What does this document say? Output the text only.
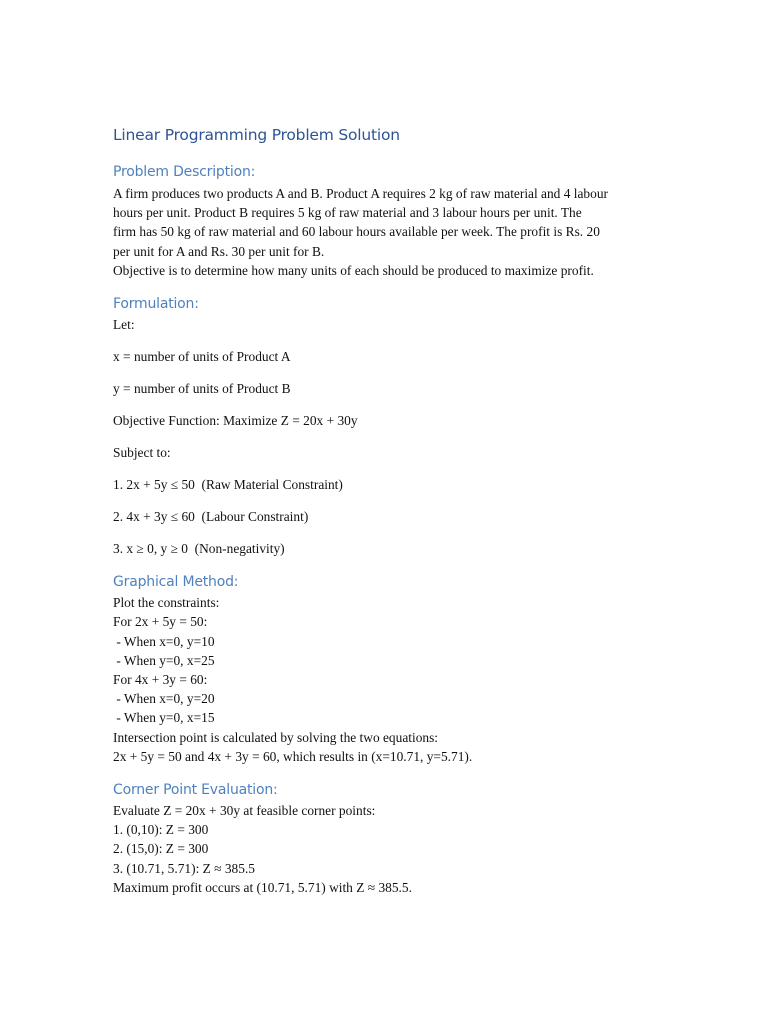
Linear Programming Problem Solution
Problem Description:

A firm produces two products A and B. Product A requires 2 kg of raw material and 4 labour

hours per unit. Product B requires 5 kg of raw material and 3 labour hours per unit. The

firm has 50 kg of raw material and 60 labour hours available per week. The profit is Rs. 20

per unit for A and Rs. 30 per unit for B.

Objective is to determine how many units of each should be produced to maximize profit.

Formulation:

Let:

x = number of units of Product A

y = number of units of Product B

Objective Function: Maximize Z = 20x + 30y

Subject to:

1. 2x + 5y ≤ 50  (Raw Material Constraint)

2. 4x + 3y ≤ 60  (Labour Constraint)

3. x ≥ 0, y ≥ 0  (Non-negativity)

Graphical Method:

Plot the constraints:

For 2x + 5y = 50:

- When x=0, y=10

- When y=0, x=25

For 4x + 3y = 60:

- When x=0, y=20

- When y=0, x=15

Intersection point is calculated by solving the two equations:

2x + 5y = 50 and 4x + 3y = 60, which results in (x=10.71, y=5.71).

Corner Point Evaluation:

Evaluate Z = 20x + 30y at feasible corner points:

1. (0,10): Z = 300

2. (15,0): Z = 300

3. (10.71, 5.71): Z ≈ 385.5

Maximum profit occurs at (10.71, 5.71) with Z ≈ 385.5.
